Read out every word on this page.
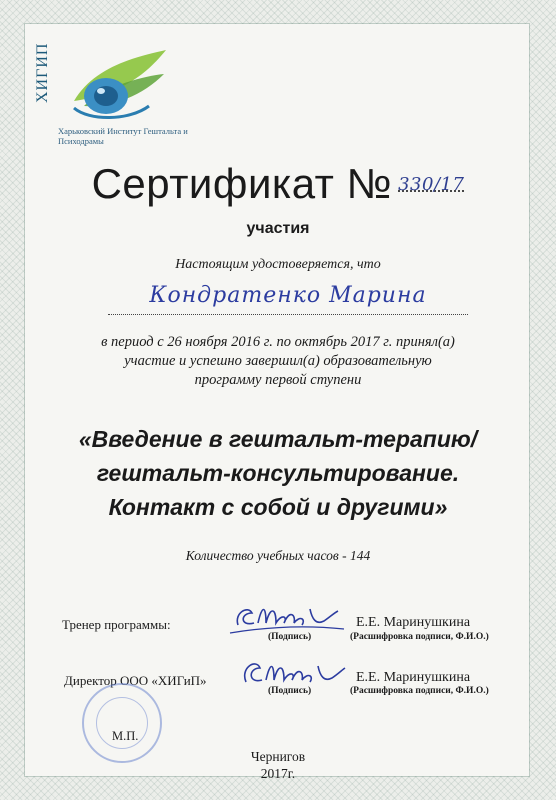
ХИГИП
Харьковский Институт Гештальта и Психодрамы
Сертификат № 330/17
участия
Настоящим удостоверяется, что
Кондратенко Марина
в период с 26 ноября 2016 г. по октябрь 2017 г. принял(а)
участие и успешно завершил(а) образовательную
программу первой ступени
«Введение в гештальт-терапию/
гештальт-консультирование.
Контакт с собой и другими»
Количество учебных часов - 144
Тренер программы:
(Подпись)
Е.Е. Маринушкина
(Расшифровка подписи, Ф.И.О.)
Директор ООО «ХИГиП»
(Подпись)
Е.Е. Маринушкина
(Расшифровка подписи, Ф.И.О.)
М.П.
Чернигов
2017г.
